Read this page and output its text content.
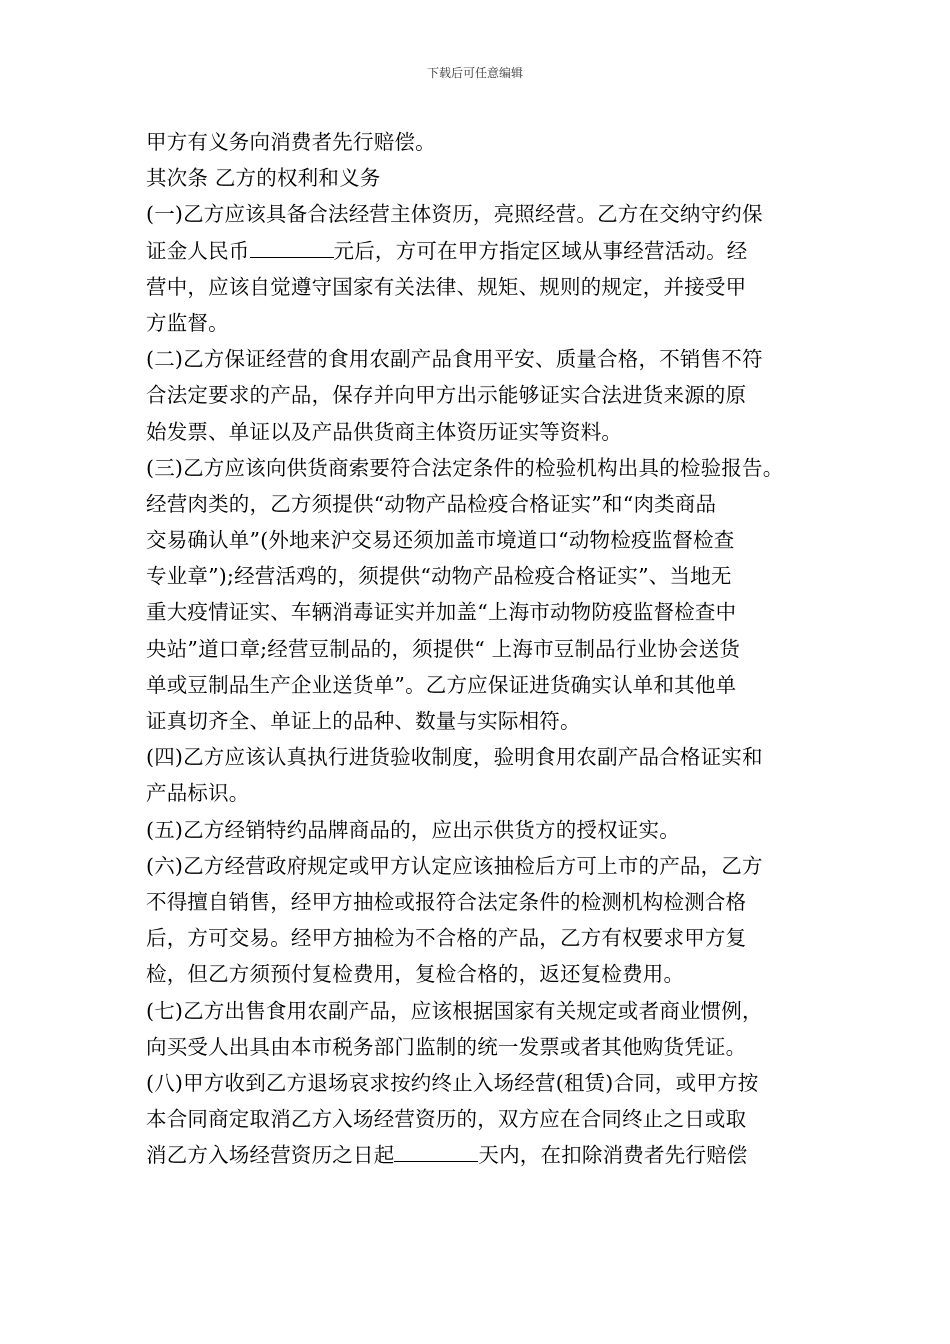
下载后可任意编辑
甲方有义务向消费者先行赔偿。
其次条 乙方的权利和义务
(一)乙方应该具备合法经营主体资历，亮照经营。乙方在交纳守约保
证金人民币	元后，方可在甲方指定区域从事经营活动。经
营中，应该自觉遵守国家有关法律、规矩、规则的规定，并接受甲
方监督。
(二)乙方保证经营的食用农副产品食用平安、质量合格，不销售不符
合法定要求的产品，保存并向甲方出示能够证实合法进货来源的原
始发票、单证以及产品供货商主体资历证实等资料。
(三)乙方应该向供货商索要符合法定条件的检验机构出具的检验报告。
经营肉类的，乙方须提供“动物产品检疫合格证实”和“肉类商品
交易确认单”(外地来沪交易还须加盖市境道口“动物检疫监督检查
专业章”);经营活鸡的，须提供“动物产品检疫合格证实”、当地无
重大疫情证实、车辆消毒证实并加盖“上海市动物防疫监督检查中
央站”道口章;经营豆制品的，须提供“ 上海市豆制品行业协会送货
单或豆制品生产企业送货单”。乙方应保证进货确实认单和其他单
证真切齐全、单证上的品种、数量与实际相符。
(四)乙方应该认真执行进货验收制度，验明食用农副产品合格证实和
产品标识。
(五)乙方经销特约品牌商品的，应出示供货方的授权证实。
(六)乙方经营政府规定或甲方认定应该抽检后方可上市的产品，乙方
不得擅自销售，经甲方抽检或报符合法定条件的检测机构检测合格
后，方可交易。经甲方抽检为不合格的产品，乙方有权要求甲方复
检，但乙方须预付复检费用，复检合格的，返还复检费用。
(七)乙方出售食用农副产品，应该根据国家有关规定或者商业惯例，
向买受人出具由本市税务部门监制的统一发票或者其他购货凭证。
(八)甲方收到乙方退场哀求按约终止入场经营(租赁)合同，或甲方按
本合同商定取消乙方入场经营资历的，双方应在合同终止之日或取
消乙方入场经营资历之日起	天内，在扣除消费者先行赔偿
